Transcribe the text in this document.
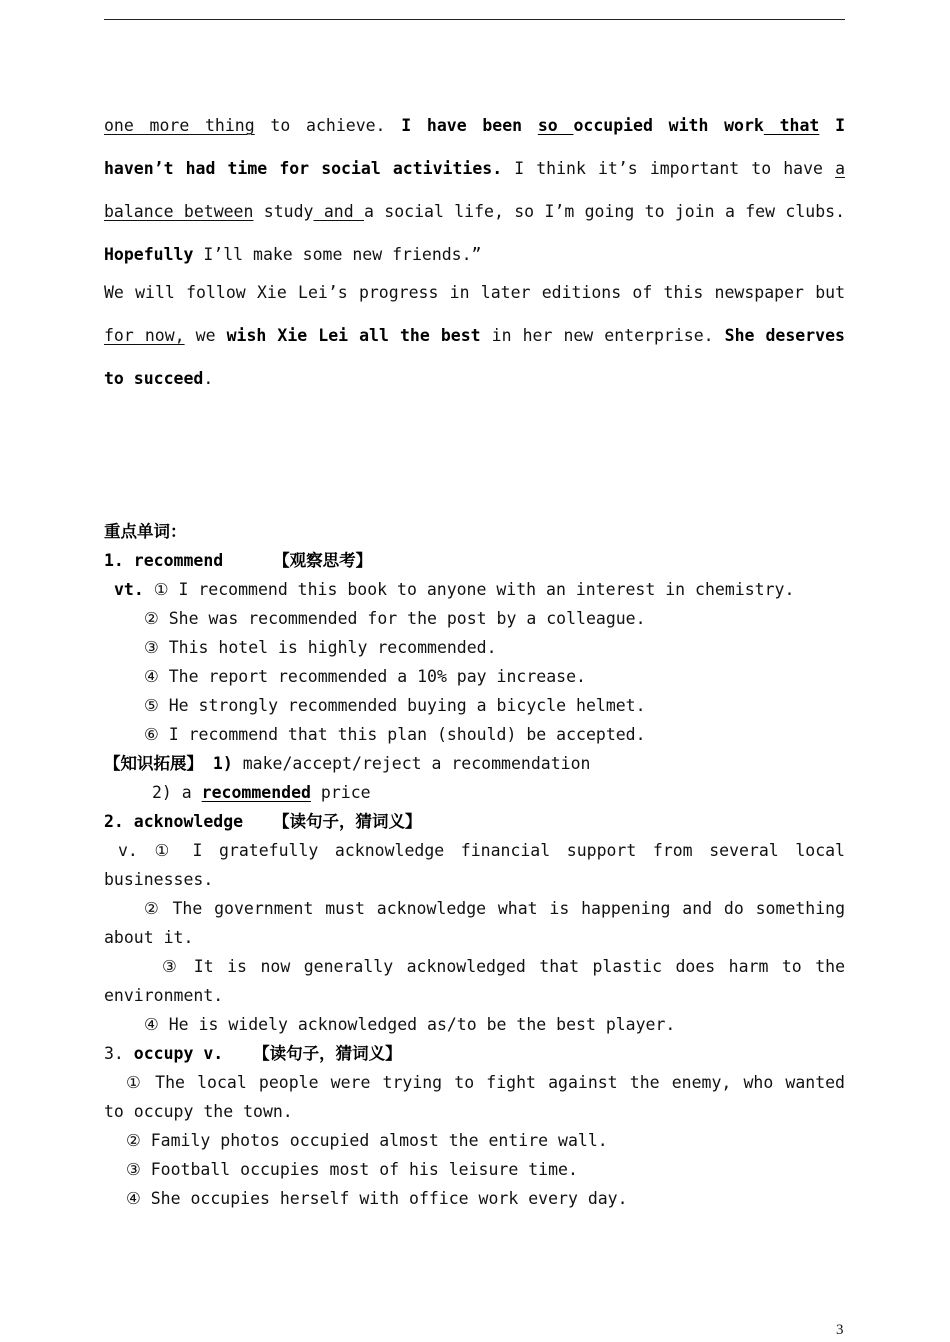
one more thing to achieve. I have been so occupied with work that I haven’t had time for social activities. I think it’s important to have a balance between study and a social life, so I’m going to join a few clubs. Hopefully I’ll make some new friends.”
We will follow Xie Lei’s progress in later editions of this newspaper but for now, we wish Xie Lei all the best in her new enterprise. She deserves to succeed.
重点单词：
1. recommend	【观察思考】
vt. ① I recommend this book to anyone with an interest in chemistry.
② She was recommended for the post by a colleague.
③ This hotel is highly recommended.
④ The report recommended a 10% pay increase.
⑤ He strongly recommended buying a bicycle helmet.
⑥ I recommend that this plan (should) be accepted.
【知识拓展】 1) make/accept/reject a recommendation
2) a recommended price
2. acknowledge 【读句子，猜词义】
v. ① I gratefully acknowledge financial support from several local businesses.
② The government must acknowledge what is happening and do something about it.
③ It is now generally acknowledged that plastic does harm to the environment.
④ He is widely acknowledged as/to be the best player.
3. occupy v. 【读句子，猜词义】
① The local people were trying to fight against the enemy, who wanted to occupy the town.
② Family photos occupied almost the entire wall.
③ Football occupies most of his leisure time.
④ She occupies herself with office work every day.
3
